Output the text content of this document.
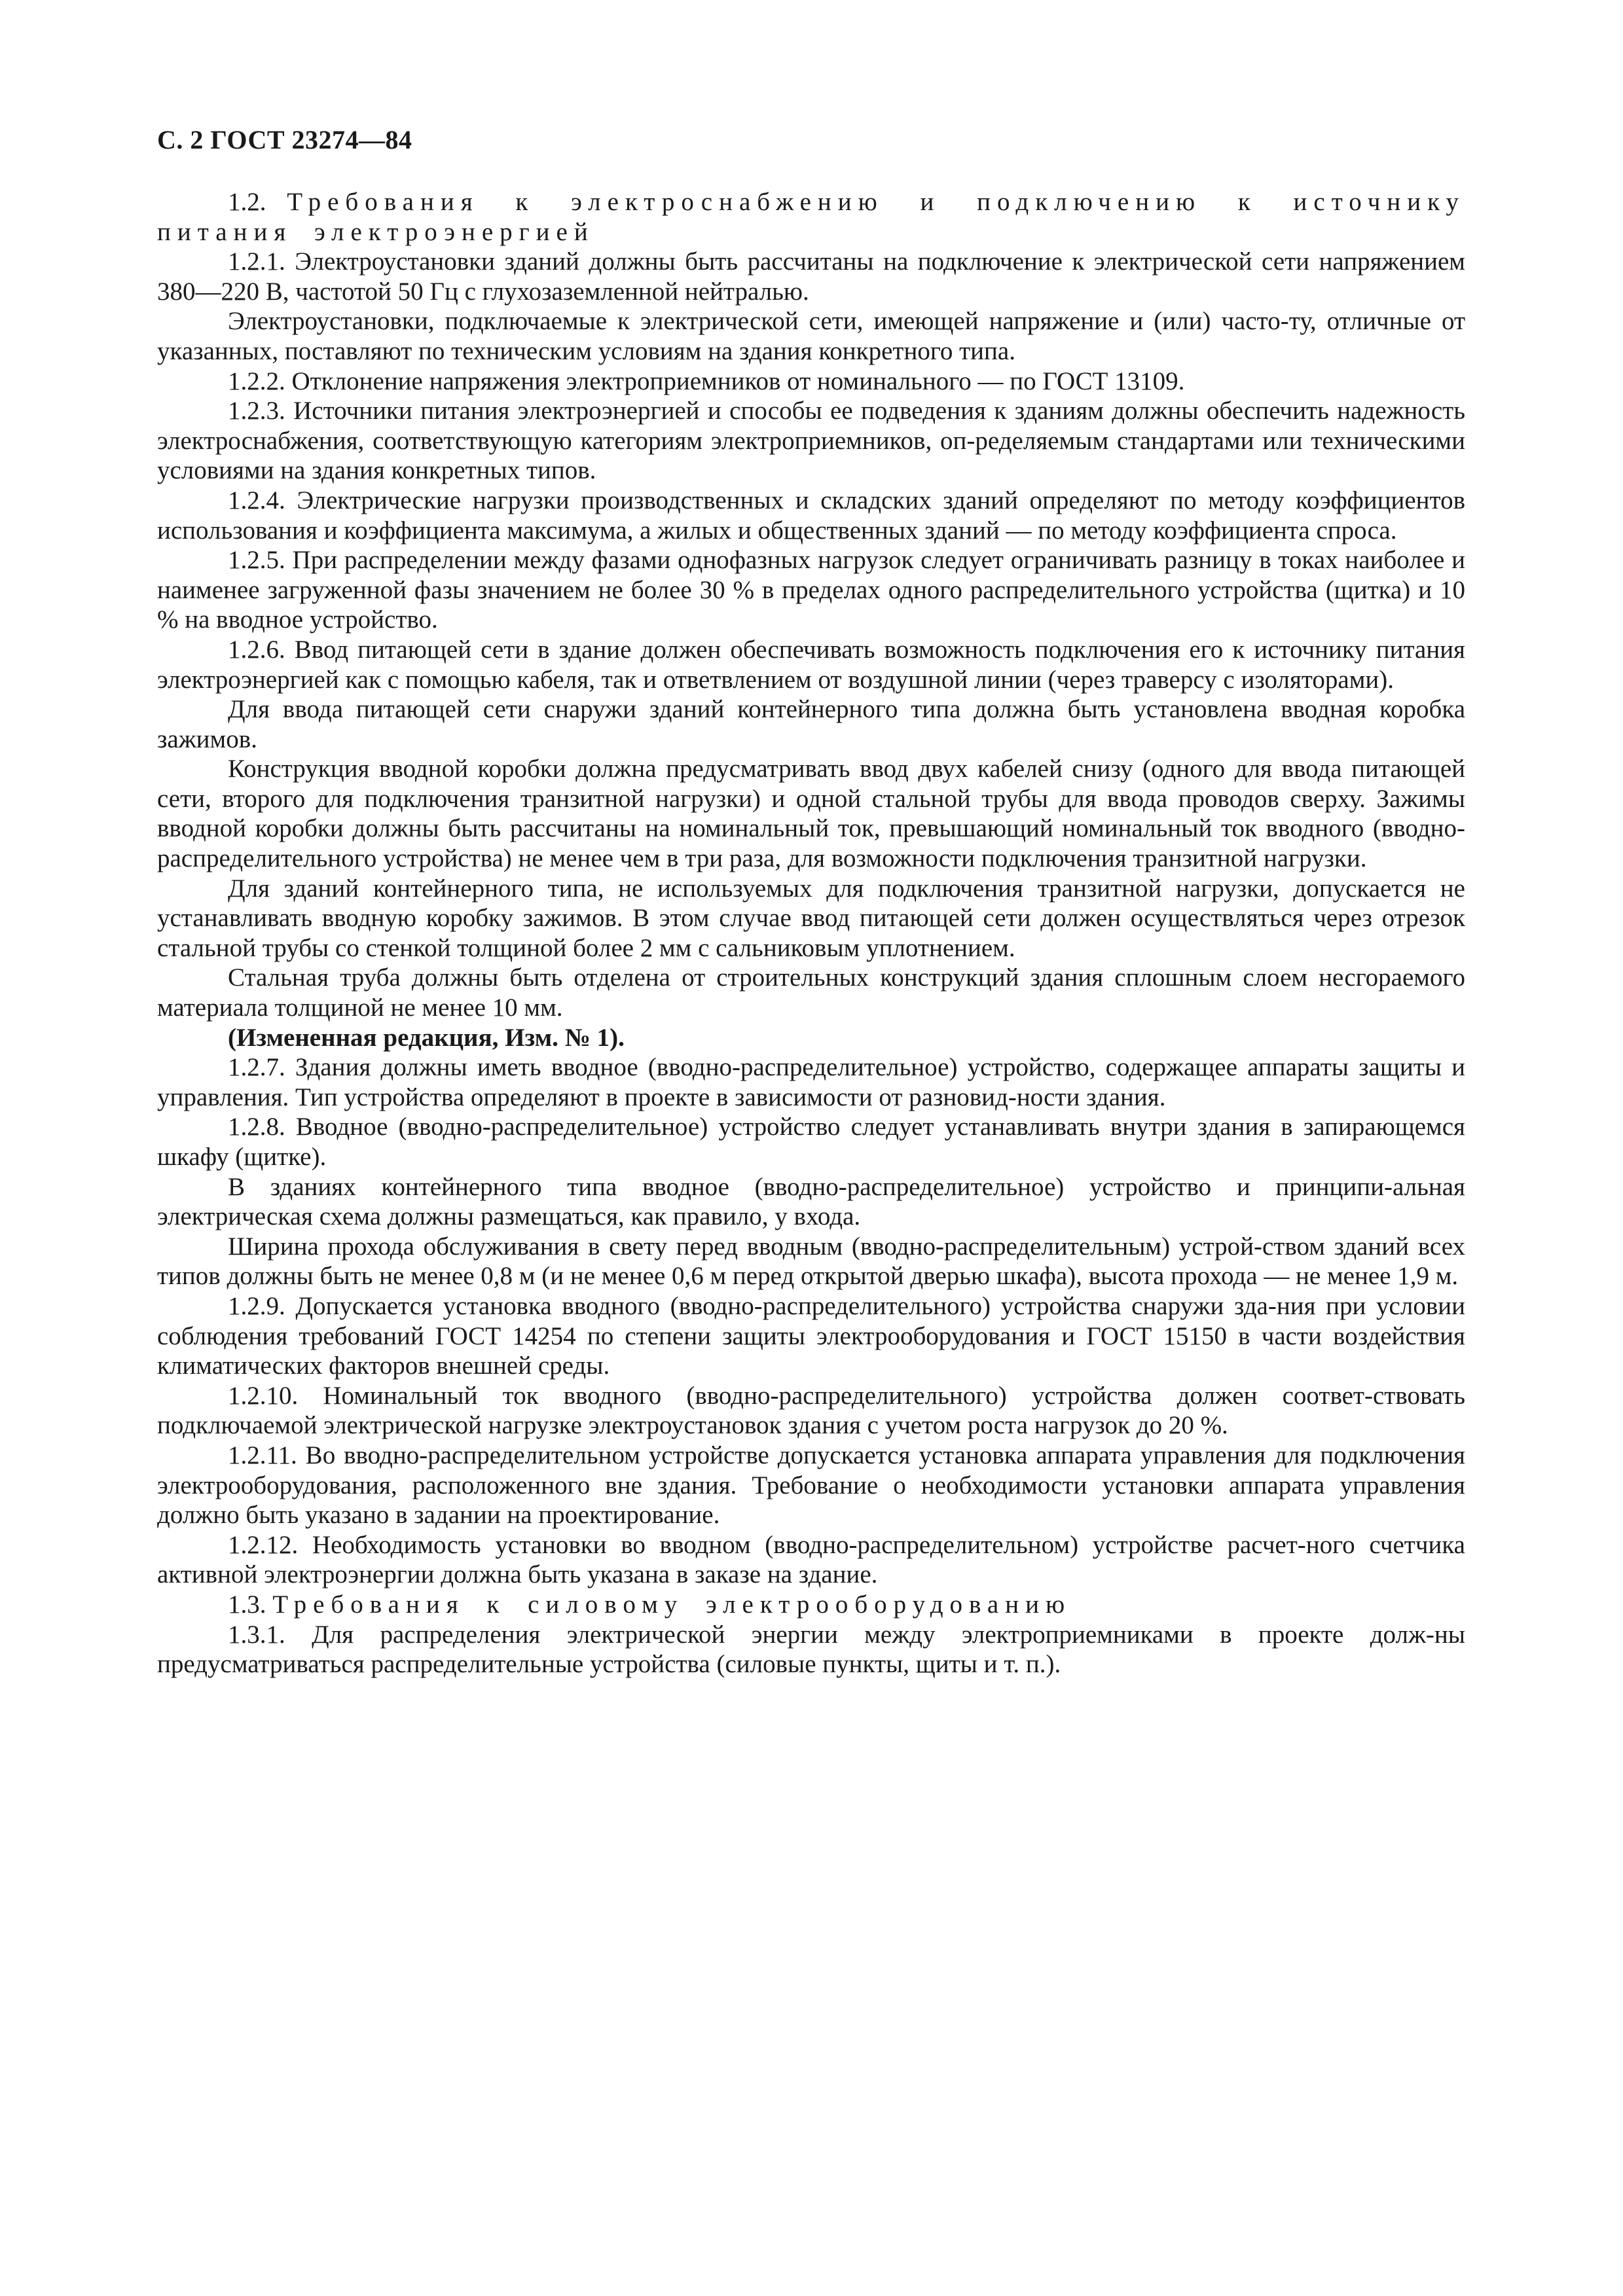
С. 2 ГОСТ 23274—84

1.2. Требования к электроснабжению и подключению к источнику питания электроэнергией

1.2.1. Электроустановки зданий должны быть рассчитаны на подключение к электрической сети напряжением 380—220 В, частотой 50 Гц с глухозаземленной нейтралью.

Электроустановки, подключаемые к электрической сети, имеющей напряжение и (или) часто-ту, отличные от указанных, поставляют по техническим условиям на здания конкретного типа.

1.2.2. Отклонение напряжения электроприемников от номинального — по ГОСТ 13109.

1.2.3. Источники питания электроэнергией и способы ее подведения к зданиям должны обеспечить надежность электроснабжения, соответствующую категориям электроприемников, оп-ределяемым стандартами или техническими условиями на здания конкретных типов.

1.2.4. Электрические нагрузки производственных и складских зданий определяют по методу коэффициентов использования и коэффициента максимума, а жилых и общественных зданий — по методу коэффициента спроса.

1.2.5. При распределении между фазами однофазных нагрузок следует ограничивать разницу в токах наиболее и наименее загруженной фазы значением не более 30 % в пределах одного распределительного устройства (щитка) и 10 % на вводное устройство.

1.2.6. Ввод питающей сети в здание должен обеспечивать возможность подключения его к источнику питания электроэнергией как с помощью кабеля, так и ответвлением от воздушной линии (через траверсу с изоляторами).

Для ввода питающей сети снаружи зданий контейнерного типа должна быть установлена вводная коробка зажимов.

Конструкция вводной коробки должна предусматривать ввод двух кабелей снизу (одного для ввода питающей сети, второго для подключения транзитной нагрузки) и одной стальной трубы для ввода проводов сверху. Зажимы вводной коробки должны быть рассчитаны на номинальный ток, превышающий номинальный ток вводного (вводно-распределительного устройства) не менее чем в три раза, для возможности подключения транзитной нагрузки.

Для зданий контейнерного типа, не используемых для подключения транзитной нагрузки, допускается не устанавливать вводную коробку зажимов. В этом случае ввод питающей сети должен осуществляться через отрезок стальной трубы со стенкой толщиной более 2 мм с сальниковым уплотнением.

Стальная труба должны быть отделена от строительных конструкций здания сплошным слоем несгораемого материала толщиной не менее 10 мм.

(Измененная редакция, Изм. № 1).

1.2.7. Здания должны иметь вводное (вводно-распределительное) устройство, содержащее аппараты защиты и управления. Тип устройства определяют в проекте в зависимости от разновид-ности здания.

1.2.8. Вводное (вводно-распределительное) устройство следует устанавливать внутри здания в запирающемся шкафу (щитке).

В зданиях контейнерного типа вводное (вводно-распределительное) устройство и принципи-альная электрическая схема должны размещаться, как правило, у входа.

Ширина прохода обслуживания в свету перед вводным (вводно-распределительным) устрой-ством зданий всех типов должны быть не менее 0,8 м (и не менее 0,6 м перед открытой дверью шкафа), высота прохода — не менее 1,9 м.

1.2.9. Допускается установка вводного (вводно-распределительного) устройства снаружи зда-ния при условии соблюдения требований ГОСТ 14254 по степени защиты электрооборудования и ГОСТ 15150 в части воздействия климатических факторов внешней среды.

1.2.10. Номинальный ток вводного (вводно-распределительного) устройства должен соответ-ствовать подключаемой электрической нагрузке электроустановок здания с учетом роста нагрузок до 20 %.

1.2.11. Во вводно-распределительном устройстве допускается установка аппарата управления для подключения электрооборудования, расположенного вне здания. Требование о необходимости установки аппарата управления должно быть указано в задании на проектирование.

1.2.12. Необходимость установки во вводном (вводно-распределительном) устройстве расчет-ного счетчика активной электроэнергии должна быть указана в заказе на здание.

1.3. Требования к силовому электрооборудованию

1.3.1. Для распределения электрической энергии между электроприемниками в проекте долж-ны предусматриваться распределительные устройства (силовые пункты, щиты и т. п.).
